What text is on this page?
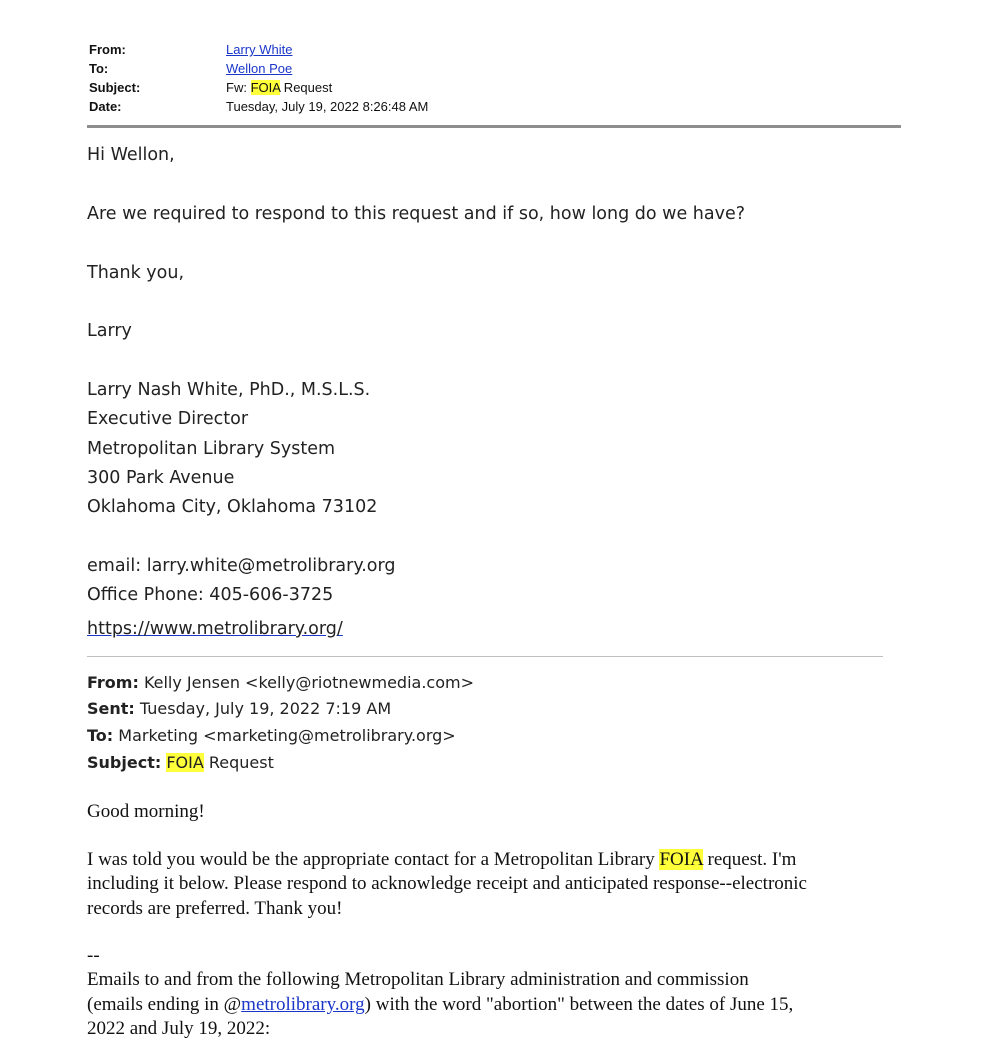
From:	Larry White
To:	Wellon Poe
Subject:	Fw: FOIA Request
Date:	Tuesday, July 19, 2022 8:26:48 AM
Hi Wellon,
Are we required to respond to this request and if so, how long do we have?
Thank you,
Larry
Larry Nash White, PhD., M.S.L.S.
Executive Director
Metropolitan Library System
300 Park Avenue
Oklahoma City, Oklahoma 73102
email: larry.white@metrolibrary.org
Office Phone: 405-606-3725
https://www.metrolibrary.org/
From: Kelly Jensen <kelly@riotnewmedia.com>
Sent: Tuesday, July 19, 2022 7:19 AM
To: Marketing <marketing@metrolibrary.org>
Subject: FOIA Request
Good morning!
I was told you would be the appropriate contact for a Metropolitan Library FOIA request. I'm
including it below. Please respond to acknowledge receipt and anticipated response--electronic
records are preferred. Thank you!
--
Emails to and from the following Metropolitan Library administration and commission
(emails ending in @metrolibrary.org) with the word "abortion" between the dates of June 15,
2022 and July 19, 2022:
